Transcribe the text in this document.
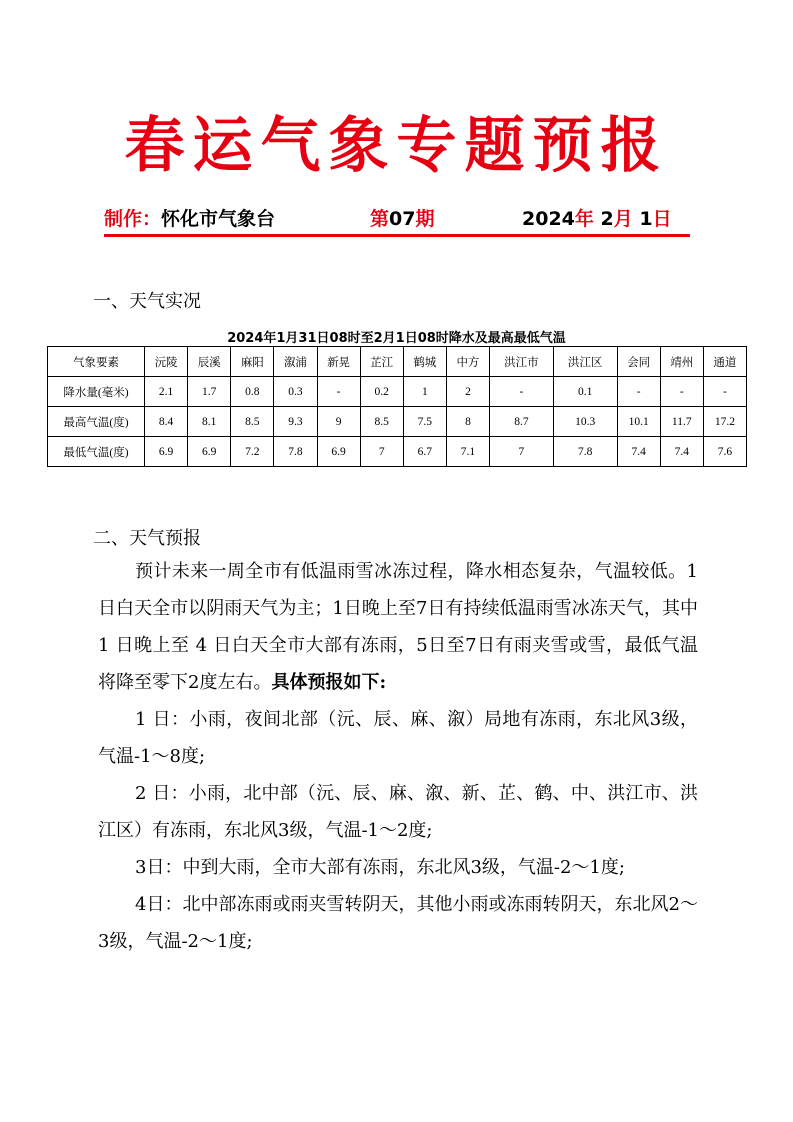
春运气象专题预报
制作：怀化市气象台	第07期	2024年 2月 1日
一、天气实况
2024年1月31日08时至2月1日08时降水及最高最低气温
气象要素	沅陵	辰溪	麻阳	溆浦	新晃	芷江	鹤城	中方	洪江市	洪江区	会同	靖州	通道
降水量(毫米)	2.1	1.7	0.8	0.3	-	0.2	1	2	-	0.1	-	-	-
最高气温(度)	8.4	8.1	8.5	9.3	9	8.5	7.5	8	8.7	10.3	10.1	11.7	17.2
最低气温(度)	6.9	6.9	7.2	7.8	6.9	7	6.7	7.1	7	7.8	7.4	7.4	7.6
二、天气预报

预计未来一周全市有低温雨雪冰冻过程，降水相态复杂，气温较低。1日白天全市以阴雨天气为主；1日晚上至7日有持续低温雨雪冰冻天气，其中 1 日晚上至 4 日白天全市大部有冻雨，5日至7日有雨夹雪或雪，最低气温将降至零下2度左右。具体预报如下:

1 日：小雨，夜间北部（沅、辰、麻、溆）局地有冻雨，东北风3级，气温-1～8度;

2 日：小雨，北中部（沅、辰、麻、溆、新、芷、鹤、中、洪江市、洪江区）有冻雨，东北风3级，气温-1～2度;

3日：中到大雨，全市大部有冻雨，东北风3级，气温-2～1度;

4日：北中部冻雨或雨夹雪转阴天，其他小雨或冻雨转阴天，东北风2～3级，气温-2～1度;
